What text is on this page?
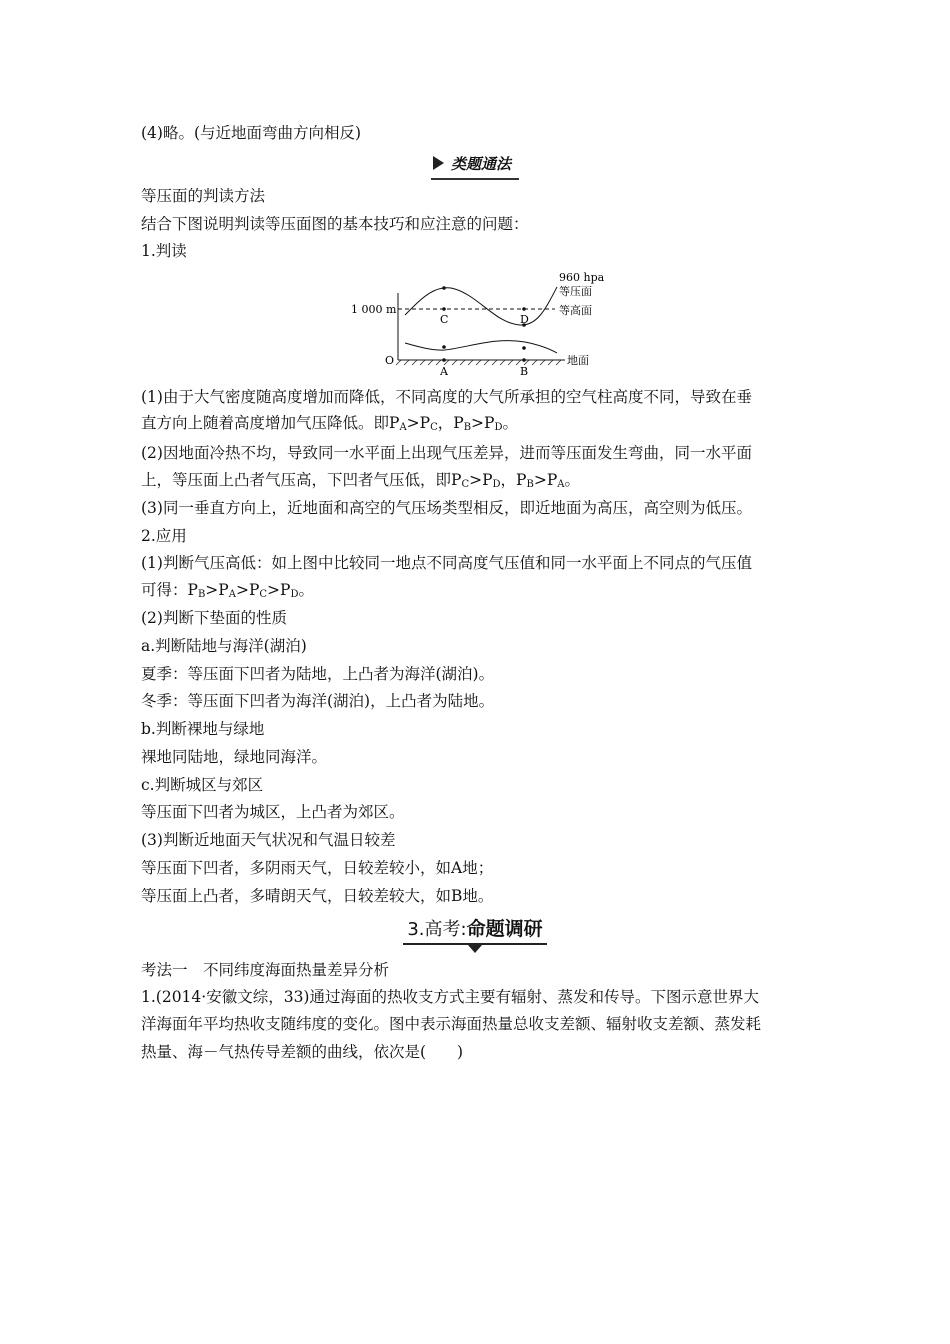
(4)略。(与近地面弯曲方向相反)
类题通法
等压面的判读方法
结合下图说明判读等压面图的基本技巧和应注意的问题：
1.判读
960 hpa
等压面
等高面
1 000 m
O	地面
A	B
C	D
(1)由于大气密度随高度增加而降低，不同高度的大气所承担的空气柱高度不同，导致在垂
直方向上随着高度增加气压降低。即$P_A>P_C$，$P_B>P_D$。
(2)因地面冷热不均，导致同一水平面上出现气压差异，进而等压面发生弯曲，同一水平面
上，等压面上凸者气压高，下凹者气压低，即$P_C>P_D$，$P_B>P_A$。
(3)同一垂直方向上，近地面和高空的气压场类型相反，即近地面为高压，高空则为低压。
2.应用
(1)判断气压高低：如上图中比较同一地点不同高度气压值和同一水平面上不同点的气压值
可得：$P_B>P_A>P_C>P_D$。
(2)判断下垫面的性质
a.判断陆地与海洋(湖泊)
夏季：等压面下凹者为陆地，上凸者为海洋(湖泊)。
冬季：等压面下凹者为海洋(湖泊)，上凸者为陆地。
b.判断裸地与绿地
裸地同陆地，绿地同海洋。
c.判断城区与郊区
等压面下凹者为城区，上凸者为郊区。
(3)判断近地面天气状况和气温日较差
等压面下凹者，多阴雨天气，日较差较小，如A地；
等压面上凸者，多晴朗天气，日较差较大，如B地。
3.高考:命题调研
考法一　不同纬度海面热量差异分析
1.(2014·安徽文综，33)通过海面的热收支方式主要有辐射、蒸发和传导。下图示意世界大
洋海面年平均热收支随纬度的变化。图中表示海面热量总收支差额、辐射收支差额、蒸发耗
热量、海－气热传导差额的曲线，依次是(　　)
